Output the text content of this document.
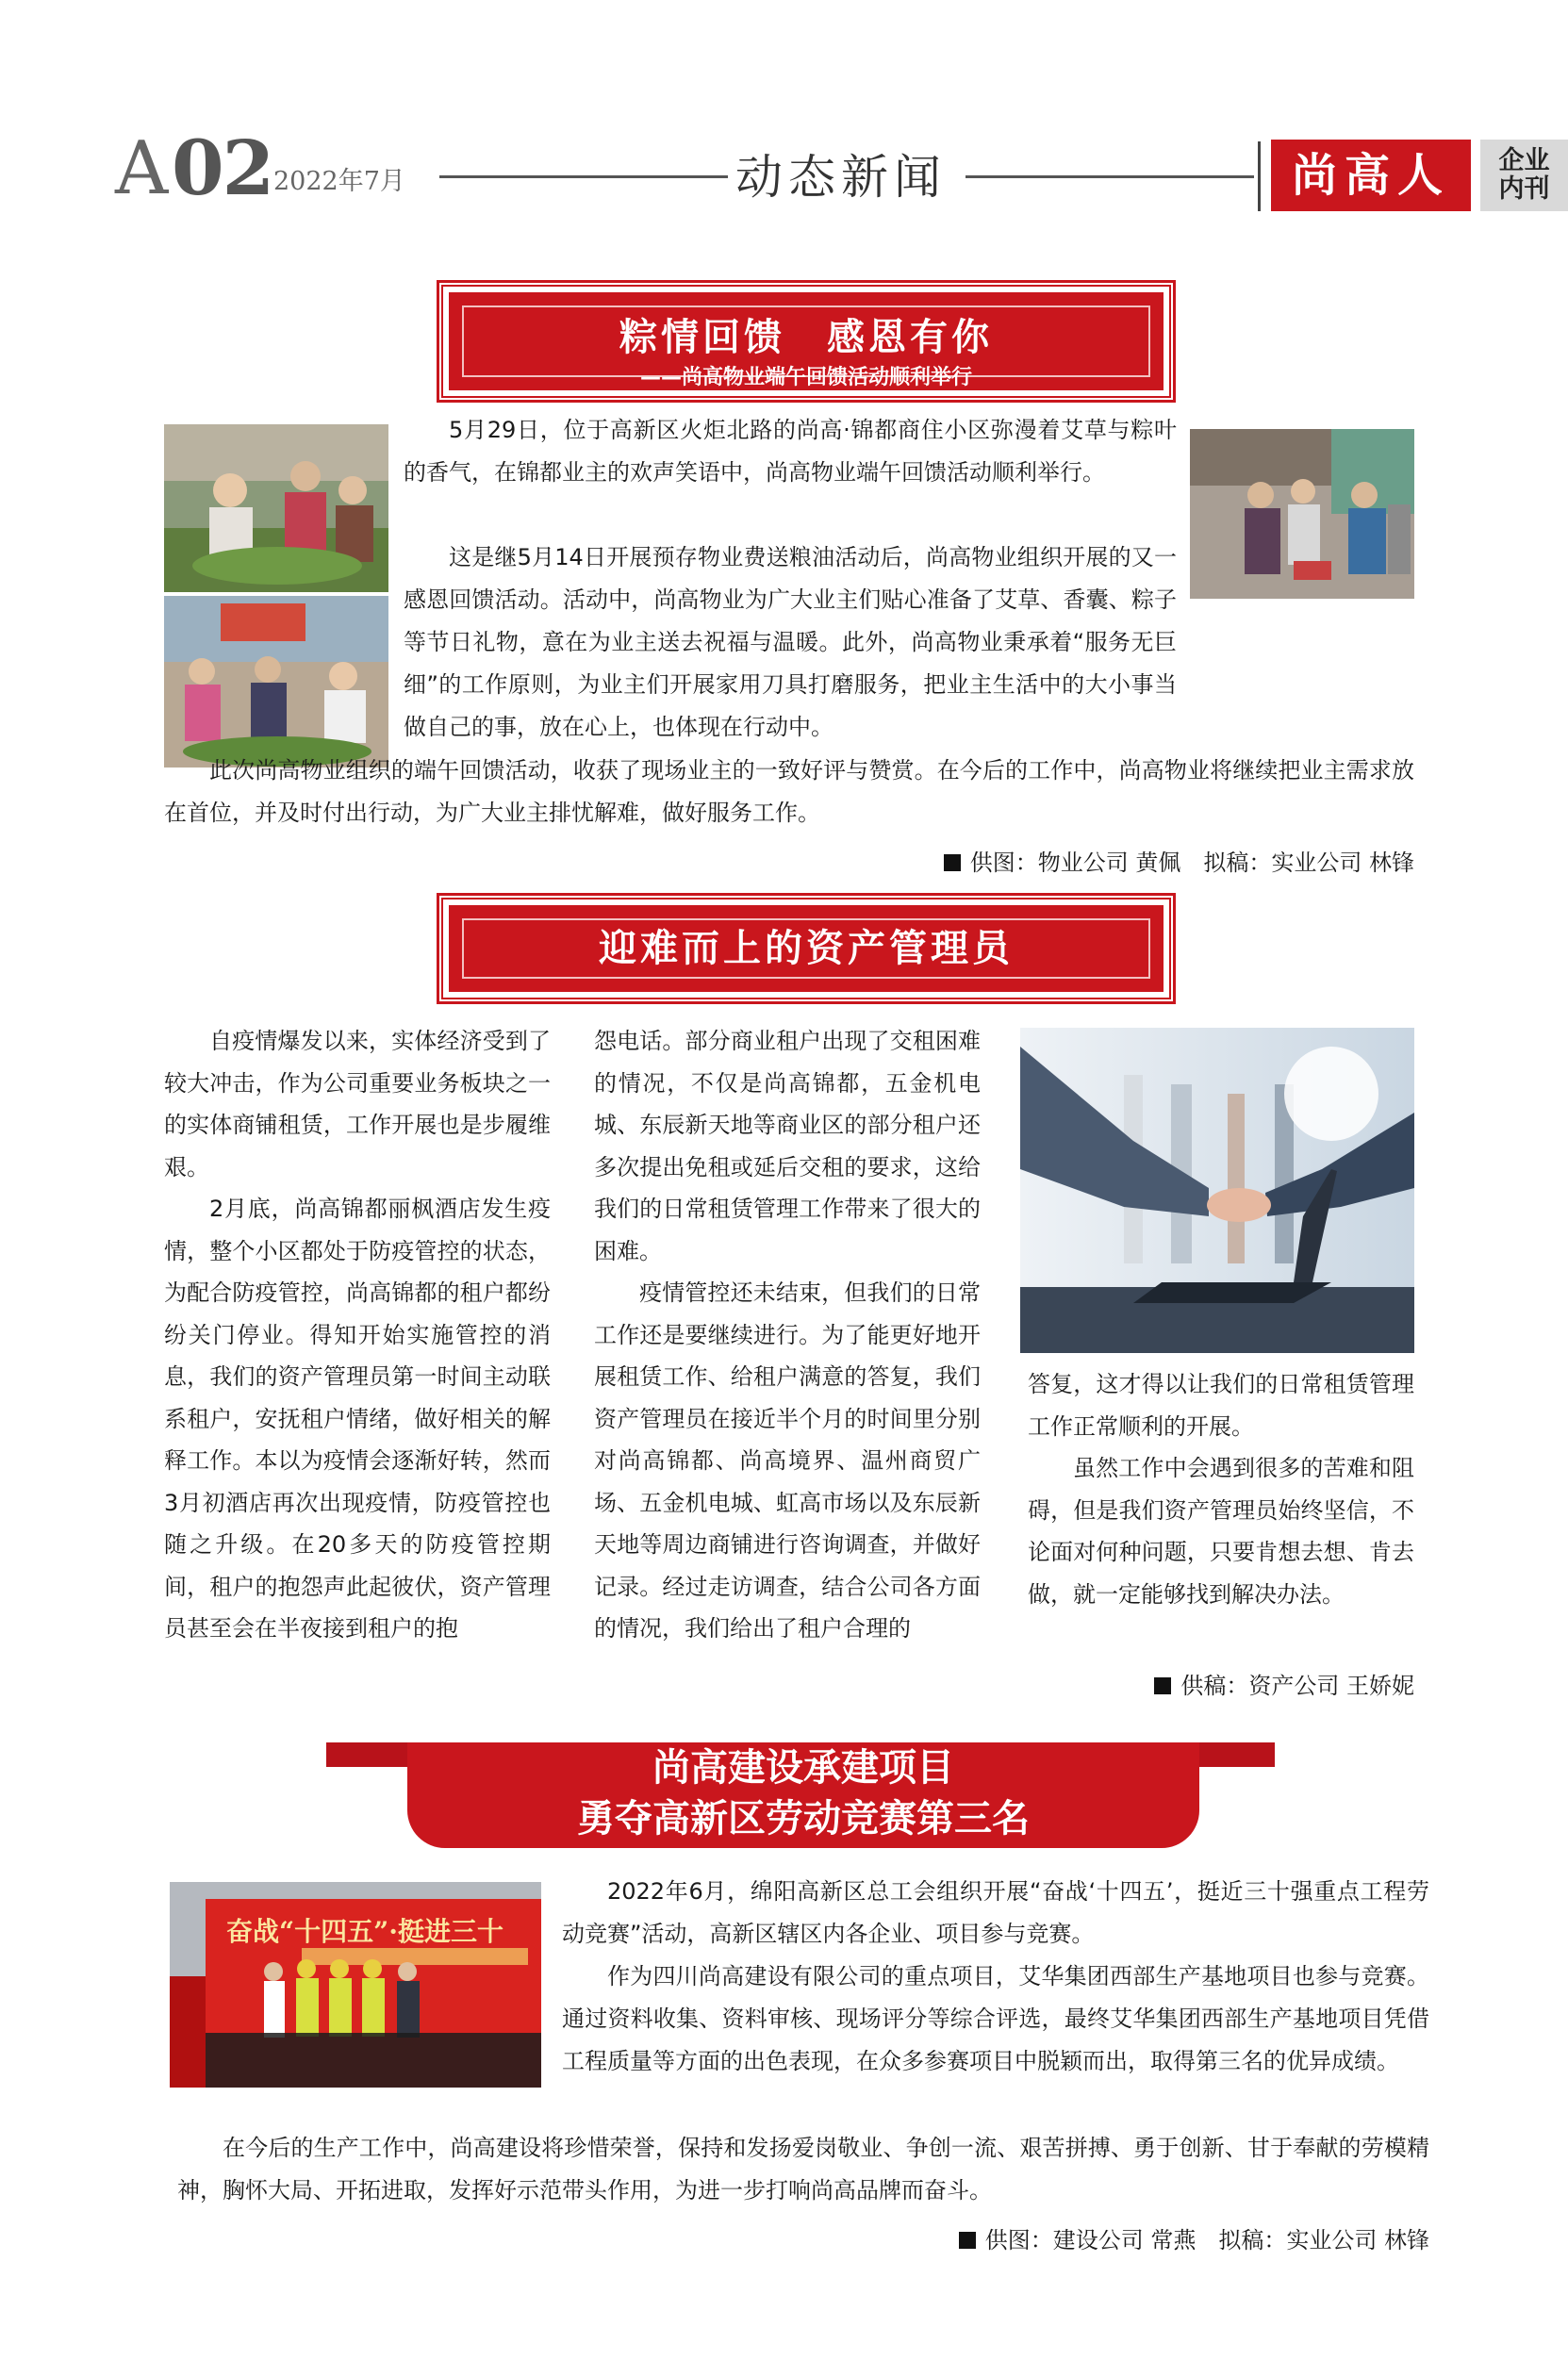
A 02 2022年7月	动态新闻	尚高人	企业
内刊
粽情回馈　感恩有你
——尚高物业端午回馈活动顺利举行

5月29日，位于高新区火炬北路的尚高·锦都商住小区弥漫着艾草与粽叶的香气，在锦都业主的欢声笑语中，尚高物业端午回馈活动顺利举行。

这是继5月14日开展预存物业费送粮油活动后，尚高物业组织开展的又一感恩回馈活动。活动中，尚高物业为广大业主们贴心准备了艾草、香囊、粽子等节日礼物，意在为业主送去祝福与温暖。此外，尚高物业秉承着“服务无巨细”的工作原则，为业主们开展家用刀具打磨服务，把业主生活中的大小事当做自己的事，放在心上，也体现在行动中。

此次尚高物业组织的端午回馈活动，收获了现场业主的一致好评与赞赏。在今后的工作中，尚高物业将继续把业主需求放在首位，并及时付出行动，为广大业主排忧解难，做好服务工作。

供图：物业公司 黄佩　拟稿：实业公司 林锋
迎难而上的资产管理员

自疫情爆发以来，实体经济受到了较大冲击，作为公司重要业务板块之一的实体商铺租赁，工作开展也是步履维艰。

2月底，尚高锦都丽枫酒店发生疫情，整个小区都处于防疫管控的状态，为配合防疫管控，尚高锦都的租户都纷纷关门停业。得知开始实施管控的消息，我们的资产管理员第一时间主动联系租户，安抚租户情绪，做好相关的解释工作。本以为疫情会逐渐好转，然而3月初酒店再次出现疫情，防疫管控也随之升级。在20多天的防疫管控期间，租户的抱怨声此起彼伏，资产管理员甚至会在半夜接到租户的抱

怨电话。部分商业租户出现了交租困难的情况，不仅是尚高锦都，五金机电城、东辰新天地等商业区的部分租户还多次提出免租或延后交租的要求，这给我们的日常租赁管理工作带来了很大的困难。

疫情管控还未结束，但我们的日常工作还是要继续进行。为了能更好地开展租赁工作、给租户满意的答复，我们资产管理员在接近半个月的时间里分别对尚高锦都、尚高境界、温州商贸广场、五金机电城、虹高市场以及东辰新天地等周边商铺进行咨询调查，并做好记录。经过走访调查，结合公司各方面的情况，我们给出了租户合理的

答复，这才得以让我们的日常租赁管理工作正常顺利的开展。

虽然工作中会遇到很多的苦难和阻碍，但是我们资产管理员始终坚信，不论面对何种问题，只要肯想去想、肯去做，就一定能够找到解决办法。

供稿：资产公司 王娇妮
尚高建设承建项目
勇夺高新区劳动竞赛第三名
奋战“十四五”·挺进三十

2022年6月，绵阳高新区总工会组织开展“奋战‘十四五’，挺近三十强重点工程劳动竞赛”活动，高新区辖区内各企业、项目参与竞赛。

作为四川尚高建设有限公司的重点项目，艾华集团西部生产基地项目也参与竞赛。通过资料收集、资料审核、现场评分等综合评选，最终艾华集团西部生产基地项目凭借工程质量等方面的出色表现，在众多参赛项目中脱颖而出，取得第三名的优异成绩。

在今后的生产工作中，尚高建设将珍惜荣誉，保持和发扬爱岗敬业、争创一流、艰苦拼搏、勇于创新、甘于奉献的劳模精神，胸怀大局、开拓进取，发挥好示范带头作用，为进一步打响尚高品牌而奋斗。

供图：建设公司 常燕　拟稿：实业公司 林锋
